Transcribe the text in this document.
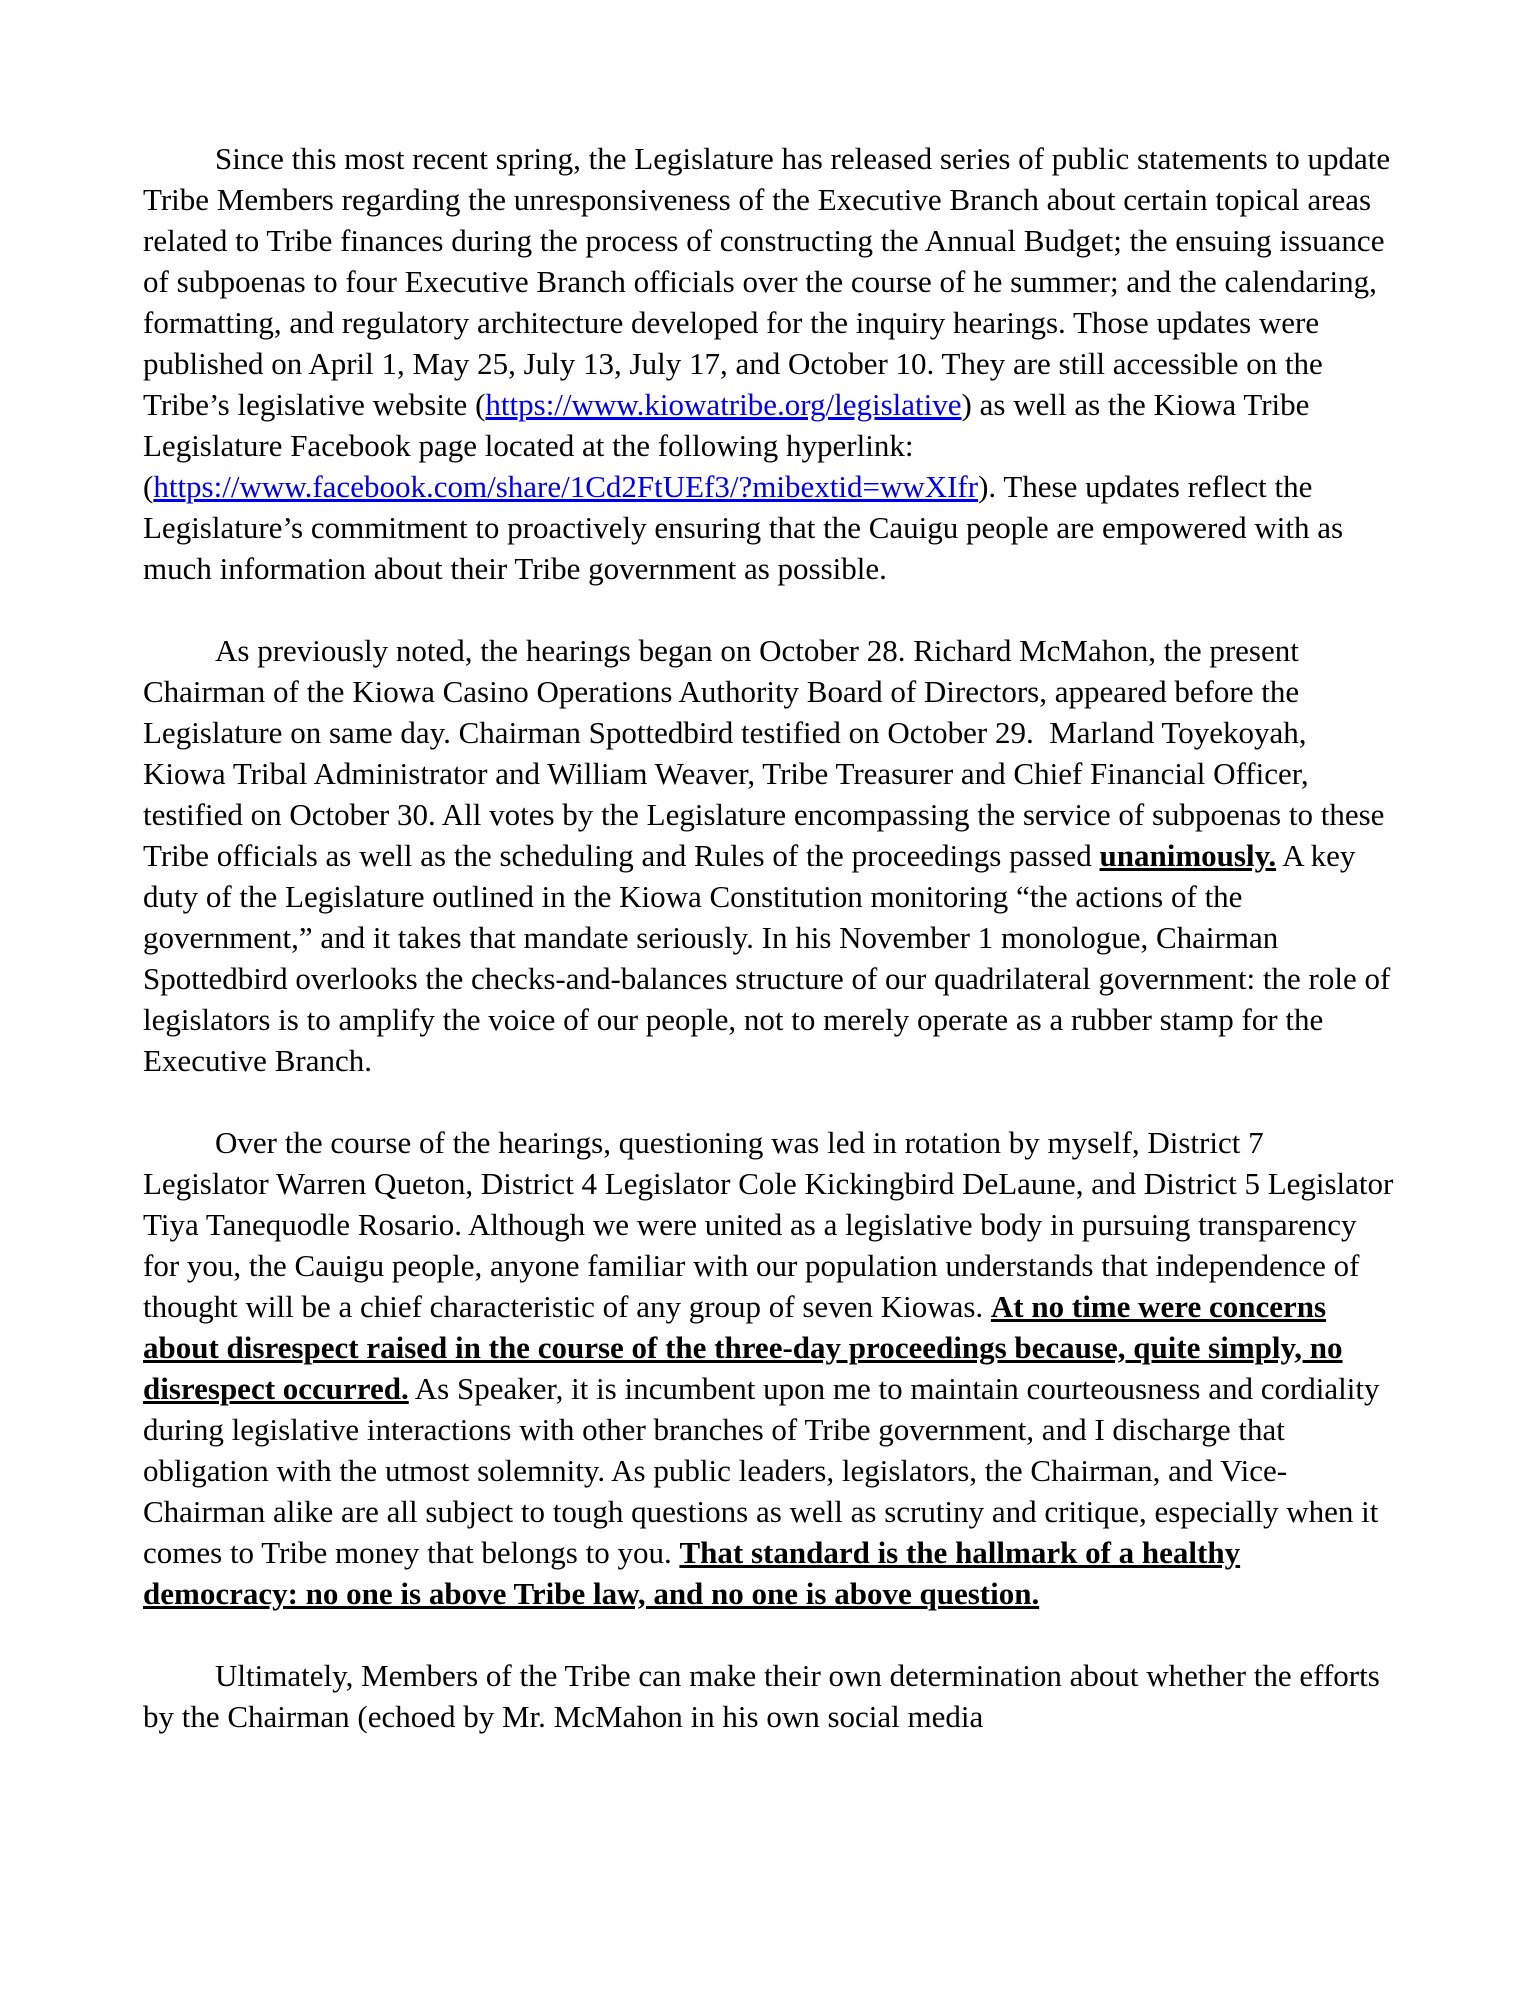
Since this most recent spring, the Legislature has released series of public statements to update Tribe Members regarding the unresponsiveness of the Executive Branch about certain topical areas related to Tribe finances during the process of constructing the Annual Budget; the ensuing issuance of subpoenas to four Executive Branch officials over the course of he summer; and the calendaring, formatting, and regulatory architecture developed for the inquiry hearings. Those updates were published on April 1, May 25, July 13, July 17, and October 10. They are still accessible on the Tribe’s legislative website (https://www.kiowatribe.org/legislative) as well as the Kiowa Tribe Legislature Facebook page located at the following hyperlink: (https://www.facebook.com/share/1Cd2FtUEf3/?mibextid=wwXIfr). These updates reflect the Legislature’s commitment to proactively ensuring that the Cauigu people are empowered with as much information about their Tribe government as possible.

As previously noted, the hearings began on October 28. Richard McMahon, the present Chairman of the Kiowa Casino Operations Authority Board of Directors, appeared before the Legislature on same day. Chairman Spottedbird testified on October 29.  Marland Toyekoyah, Kiowa Tribal Administrator and William Weaver, Tribe Treasurer and Chief Financial Officer, testified on October 30. All votes by the Legislature encompassing the service of subpoenas to these Tribe officials as well as the scheduling and Rules of the proceedings passed unanimously. A key duty of the Legislature outlined in the Kiowa Constitution monitoring “the actions of the government,” and it takes that mandate seriously. In his November 1 monologue, Chairman Spottedbird overlooks the checks-and-balances structure of our quadrilateral government: the role of legislators is to amplify the voice of our people, not to merely operate as a rubber stamp for the Executive Branch.

Over the course of the hearings, questioning was led in rotation by myself, District 7 Legislator Warren Queton, District 4 Legislator Cole Kickingbird DeLaune, and District 5 Legislator Tiya Tanequodle Rosario. Although we were united as a legislative body in pursuing transparency for you, the Cauigu people, anyone familiar with our population understands that independence of thought will be a chief characteristic of any group of seven Kiowas. At no time were concerns about disrespect raised in the course of the three-day proceedings because, quite simply, no disrespect occurred. As Speaker, it is incumbent upon me to maintain courteousness and cordiality during legislative interactions with other branches of Tribe government, and I discharge that obligation with the utmost solemnity. As public leaders, legislators, the Chairman, and Vice-Chairman alike are all subject to tough questions as well as scrutiny and critique, especially when it comes to Tribe money that belongs to you. That standard is the hallmark of a healthy democracy: no one is above Tribe law, and no one is above question.

Ultimately, Members of the Tribe can make their own determination about whether the efforts by the Chairman (echoed by Mr. McMahon in his own social media
